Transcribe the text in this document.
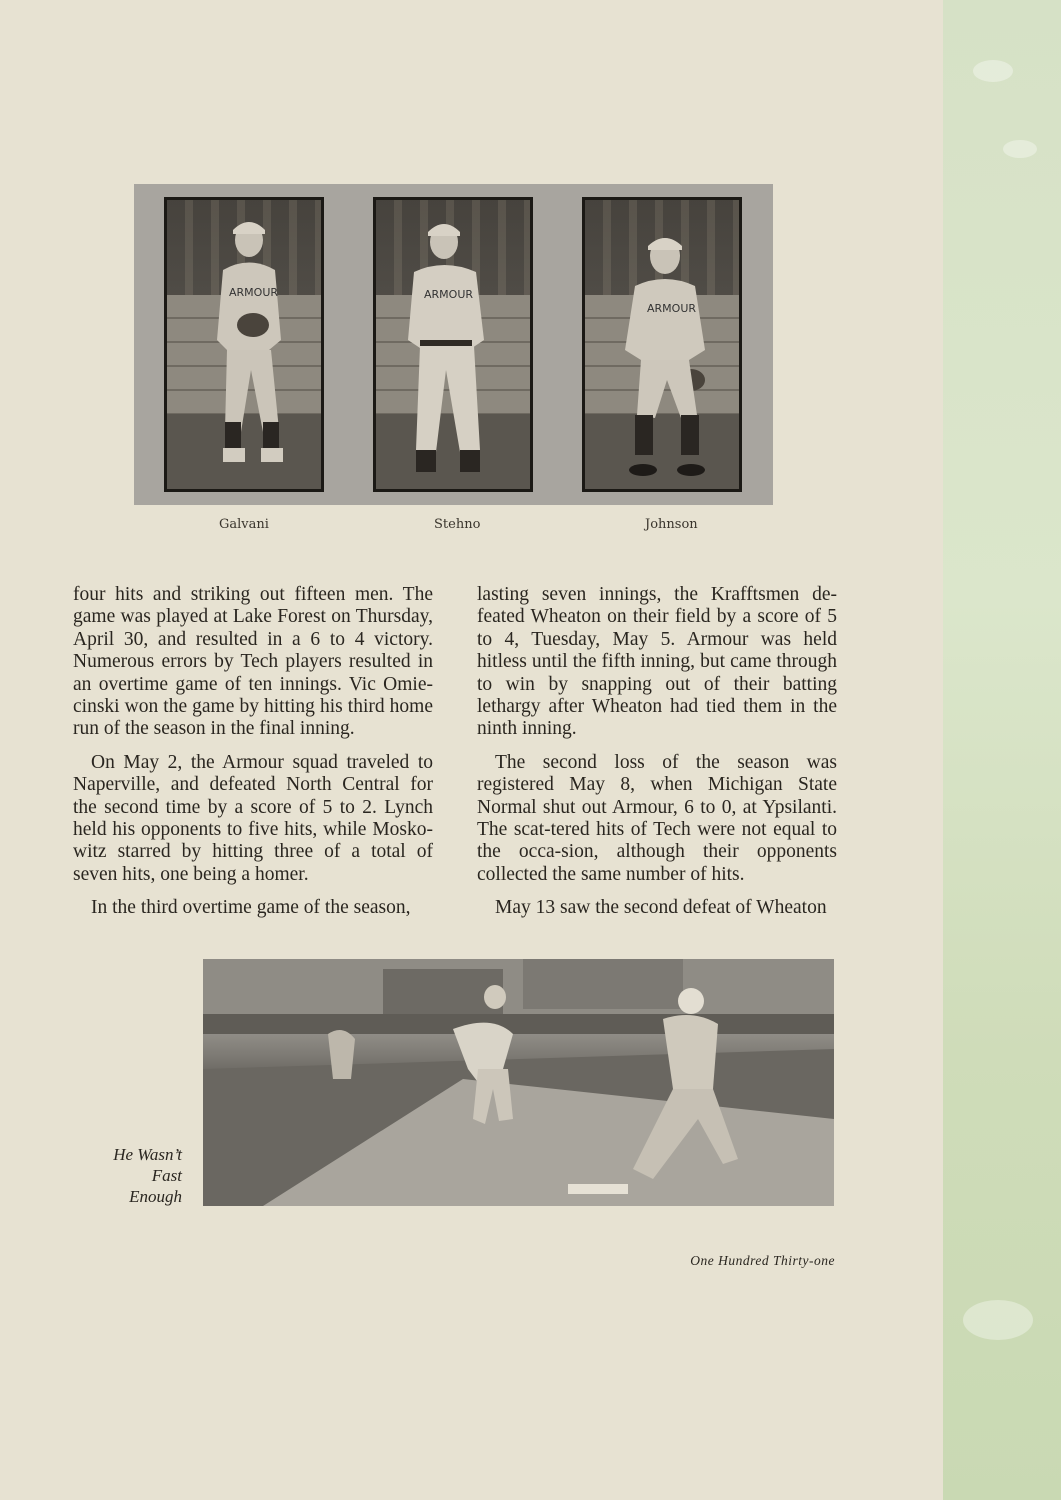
ARMOUR	ARMOUR
ARMOUR
Galvani	Stehno	Johnson

four hits and striking out fifteen men. The game was played at Lake Forest on Thursday, April 30, and resulted in a 6 to 4 victory. Numerous errors by Tech players resulted in an overtime game of ten innings. Vic Omie-cinski won the game by hitting his third home run of the season in the final inning.

On May 2, the Armour squad traveled to Naperville, and defeated North Central for the second time by a score of 5 to 2. Lynch held his opponents to five hits, while Mosko-witz starred by hitting three of a total of seven hits, one being a homer.

In the third overtime game of the season,

lasting seven innings, the Krafftsmen de-feated Wheaton on their field by a score of 5 to 4, Tuesday, May 5. Armour was held hitless until the fifth inning, but came through to win by snapping out of their batting lethargy after Wheaton had tied them in the ninth inning.

The second loss of the season was registered May 8, when Michigan State Normal shut out Armour, 6 to 0, at Ypsilanti. The scat-tered hits of Tech were not equal to the occa-sion, although their opponents collected the same number of hits.

May 13 saw the second defeat of Wheaton

He Wasn’t
Fast
Enough
One Hundred Thirty-one
